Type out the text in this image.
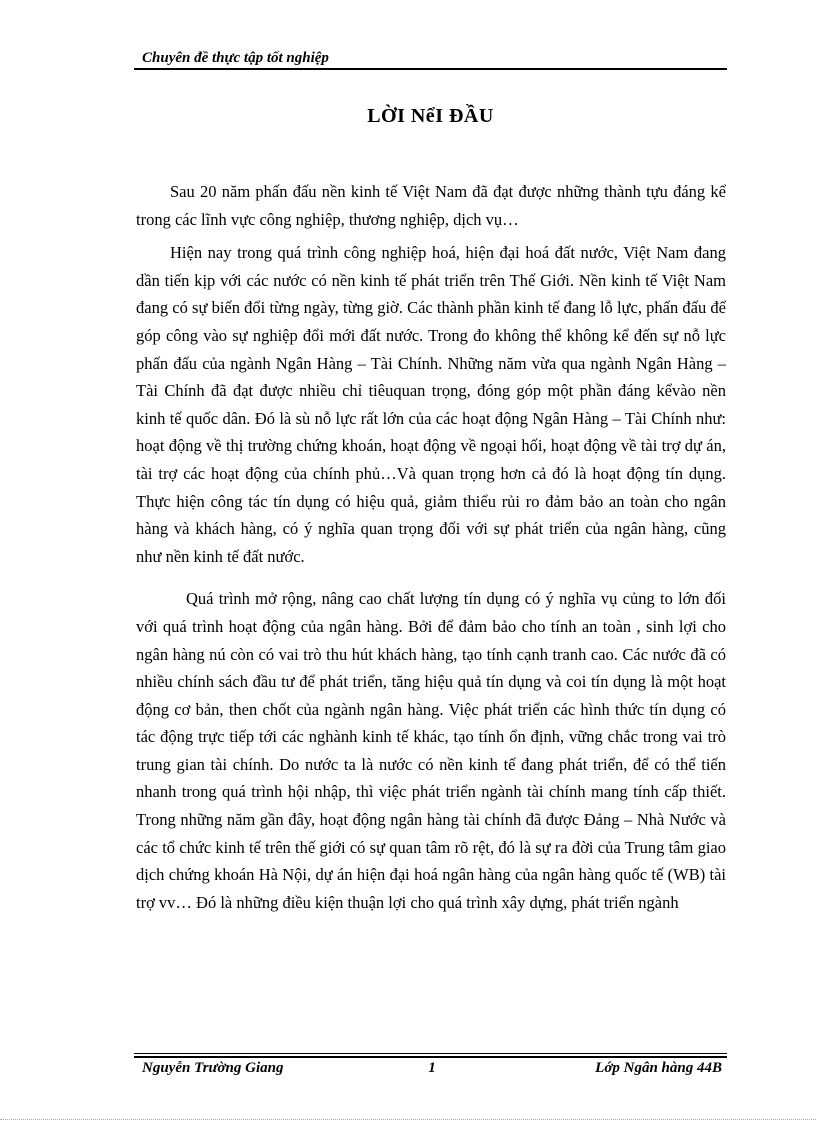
Chuyên đề thực tập tốt nghiệp
LỜI NểI ĐẦU

Sau 20 năm phấn đấu nền kinh tế Việt Nam đã đạt được những thành tựu đáng kể trong các lĩnh vực công nghiệp, thương nghiệp, dịch vụ…

Hiện nay trong quá trình công nghiệp hoá, hiện đại hoá đất nước, Việt Nam đang dần tiến kịp với các nước có nền kinh tế phát triển trên Thế Giới. Nền kinh tế Việt Nam đang có sự biến đổi từng ngày, từng giờ. Các thành phần kinh tế đang lỗ lực, phấn đấu để góp công vào sự nghiệp đổi mới đất nước. Trong đo không thể không kể đến sự nỗ lực phấn đấu của ngành Ngân Hàng – Tài Chính. Những năm vừa qua ngành Ngân Hàng – Tài Chính đã đạt được nhiều chỉ tiêuquan trọng, đóng góp một phần đáng kểvào nền kinh tế quốc dân. Đó là sù nỗ lực rất lớn của các hoạt động Ngân Hàng – Tài Chính như: hoạt động về thị trường chứng khoán, hoạt động về ngoại hối, hoạt động về tài trợ dự án, tài trợ các hoạt động của chính phủ…Và quan trọng hơn cả đó là hoạt động tín dụng. Thực hiện công tác tín dụng có hiệu quả, giảm thiểu rủi ro đảm bảo an toàn cho ngân hàng và khách hàng, có ý nghĩa quan trọng đối với sự phát triển của ngân hàng, cũng như nền kinh tế đất nước.

Quá trình mở rộng, nâng cao chất lượng tín dụng có ý nghĩa vụ củng to lớn đối với quá trình hoạt động của ngân hàng. Bởi để đảm bảo cho tính an toàn , sinh lợi cho ngân hàng nú còn có vai trò thu hút khách hàng, tạo tính cạnh tranh cao. Các nước đã có nhiều chính sách đầu tư để phát triển, tăng hiệu quả tín dụng và coi tín dụng là một hoạt động cơ bản, then chốt của ngành ngân hàng. Việc phát triển các hình thức tín dụng có tác động trực tiếp tới các nghành kinh tế khác, tạo tính ổn định, vững chắc trong vai trò trung gian tài chính. Do nước ta là nước có nền kinh tế đang phát triển, để có thể tiến nhanh trong quá trình hội nhập, thì việc phát triển ngành tài chính mang tính cấp thiết. Trong những năm gần đây, hoạt động ngân hàng tài chính đã được Đảng – Nhà Nước và các tổ chức kinh tế trên thế giới có sự quan tâm rõ rệt, đó là sự ra đời của Trung tâm giao dịch chứng khoán Hà Nội, dự án hiện đại hoá ngân hàng của ngân hàng quốc tế (WB) tài trợ vv… Đó là những điều kiện thuận lợi cho quá trình xây dựng, phát triển ngành

Nguyễn Trường Giang	1	Lớp Ngân hàng 44B
